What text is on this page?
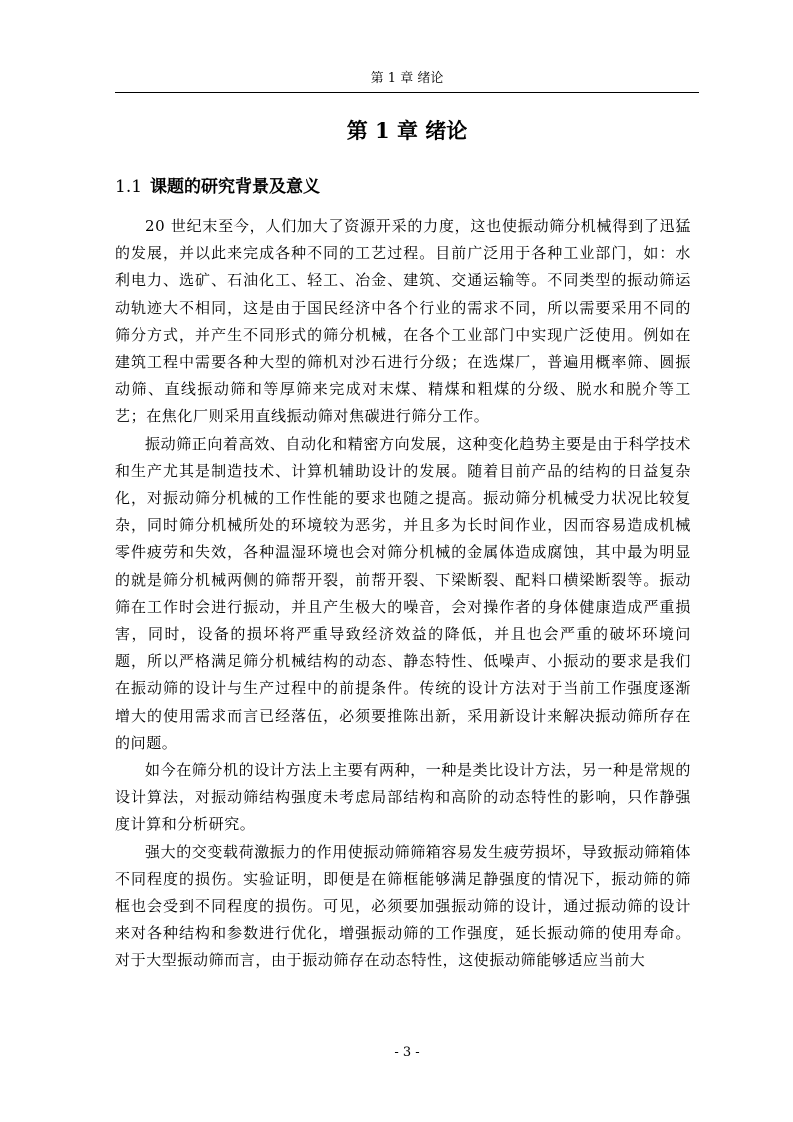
第 1 章 绪论
第 1 章 绪论
1.1 课题的研究背景及意义

20 世纪末至今，人们加大了资源开采的力度，这也使振动筛分机械得到了迅猛的发展，并以此来完成各种不同的工艺过程。目前广泛用于各种工业部门，如：水利电力、选矿、石油化工、轻工、冶金、建筑、交通运输等。不同类型的振动筛运动轨迹大不相同，这是由于国民经济中各个行业的需求不同，所以需要采用不同的筛分方式，并产生不同形式的筛分机械，在各个工业部门中实现广泛使用。例如在建筑工程中需要各种大型的筛机对沙石进行分级；在选煤厂，普遍用概率筛、圆振动筛、直线振动筛和等厚筛来完成对末煤、精煤和粗煤的分级、脱水和脱介等工艺；在焦化厂则采用直线振动筛对焦碳进行筛分工作。

振动筛正向着高效、自动化和精密方向发展，这种变化趋势主要是由于科学技术和生产尤其是制造技术、计算机辅助设计的发展。随着目前产品的结构的日益复杂化，对振动筛分机械的工作性能的要求也随之提高。振动筛分机械受力状况比较复杂，同时筛分机械所处的环境较为恶劣，并且多为长时间作业，因而容易造成机械零件疲劳和失效，各种温湿环境也会对筛分机械的金属体造成腐蚀，其中最为明显的就是筛分机械两侧的筛帮开裂，前帮开裂、下梁断裂、配料口横梁断裂等。振动筛在工作时会进行振动，并且产生极大的噪音，会对操作者的身体健康造成严重损害，同时，设备的损坏将严重导致经济效益的降低，并且也会严重的破坏环境问题，所以严格满足筛分机械结构的动态、静态特性、低噪声、小振动的要求是我们在振动筛的设计与生产过程中的前提条件。传统的设计方法对于当前工作强度逐渐增大的使用需求而言已经落伍，必须要推陈出新，采用新设计来解决振动筛所存在的问题。

如今在筛分机的设计方法上主要有两种，一种是类比设计方法，另一种是常规的设计算法，对振动筛结构强度未考虑局部结构和高阶的动态特性的影响，只作静强度计算和分析研究。

强大的交变载荷激振力的作用使振动筛筛箱容易发生疲劳损坏，导致振动筛箱体不同程度的损伤。实验证明，即便是在筛框能够满足静强度的情况下，振动筛的筛框也会受到不同程度的损伤。可见，必须要加强振动筛的设计，通过振动筛的设计来对各种结构和参数进行优化，增强振动筛的工作强度，延长振动筛的使用寿命。对于大型振动筛而言，由于振动筛存在动态特性，这使振动筛能够适应当前大

- 3 -
